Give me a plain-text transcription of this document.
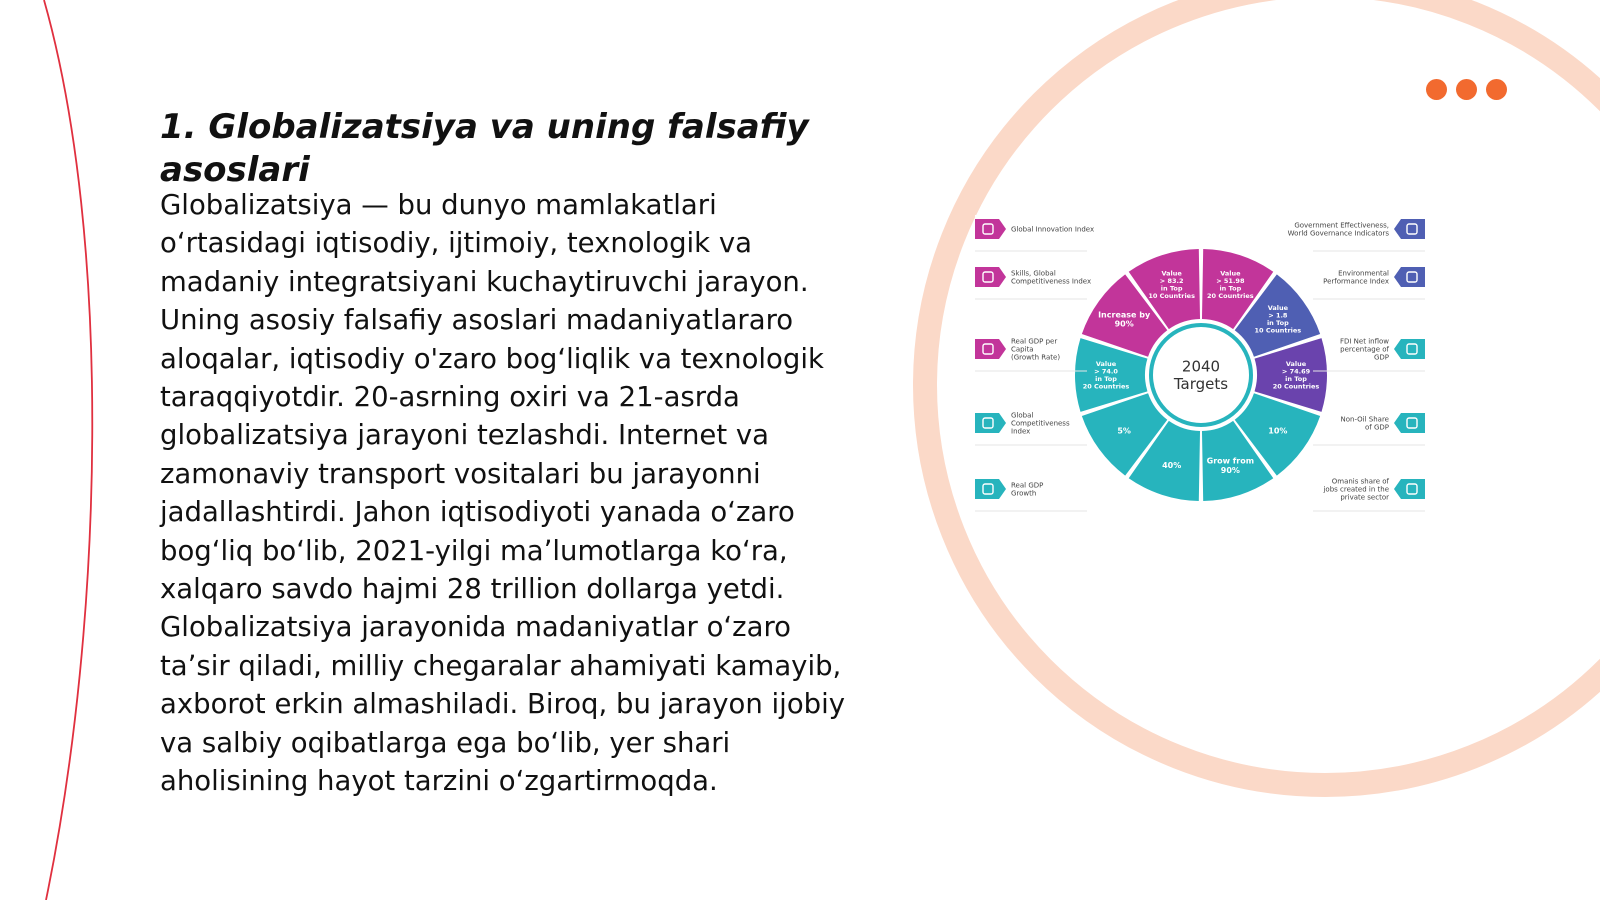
1. Globalizatsiya va uning falsafiy asoslari

Globalizatsiya — bu dunyo mamlakatlari oʻrtasidagi iqtisodiy, ijtimoiy, texnologik va madaniy integratsiyani kuchaytiruvchi jarayon. Uning asosiy falsafiy asoslari madaniyatlararo aloqalar, iqtisodiy o'zaro bogʻliqlik va texnologik taraqqiyotdir. 20-asrning oxiri va 21-asrda globalizatsiya jarayoni tezlashdi. Internet va zamonaviy transport vositalari bu jarayonni jadallashtirdi. Jahon iqtisodiyoti yanada oʻzaro bogʻliq boʻlib, 2021-yilgi maʼlumotlarga koʻra, xalqaro savdo hajmi 28 trillion dollarga yetdi. Globalizatsiya jarayonida madaniyatlar oʻzaro taʼsir qiladi, milliy chegaralar ahamiyati kamayib, axborot erkin almashiladi. Biroq, bu jarayon ijobiy va salbiy oqibatlarga ega boʻlib, yer shari aholisining hayot tarzini oʻzgartirmoqda.

Value > 51.98 in Top 20 Countries
Value > 1.8 in Top 10 Countries
Value > 74.69 in Top 20 Countries
10%
Grow from 90%
40%
5%
Value > 74.0 in Top 20 Countries
Increase by 90%
Value > 83.2 in Top 10 Countries
2040 Targets
Global Innovation Index
Skills, Global Competitiveness Index
Real GDP per Capita (Growth Rate)
Global Competitiveness Index
Real GDP Growth
Government Effectiveness, World Governance Indicators
Environmental Performance Index
FDI Net inflow percentage of GDP
Non-Oil Share of GDP
Omanis share of jobs created in the private sector
